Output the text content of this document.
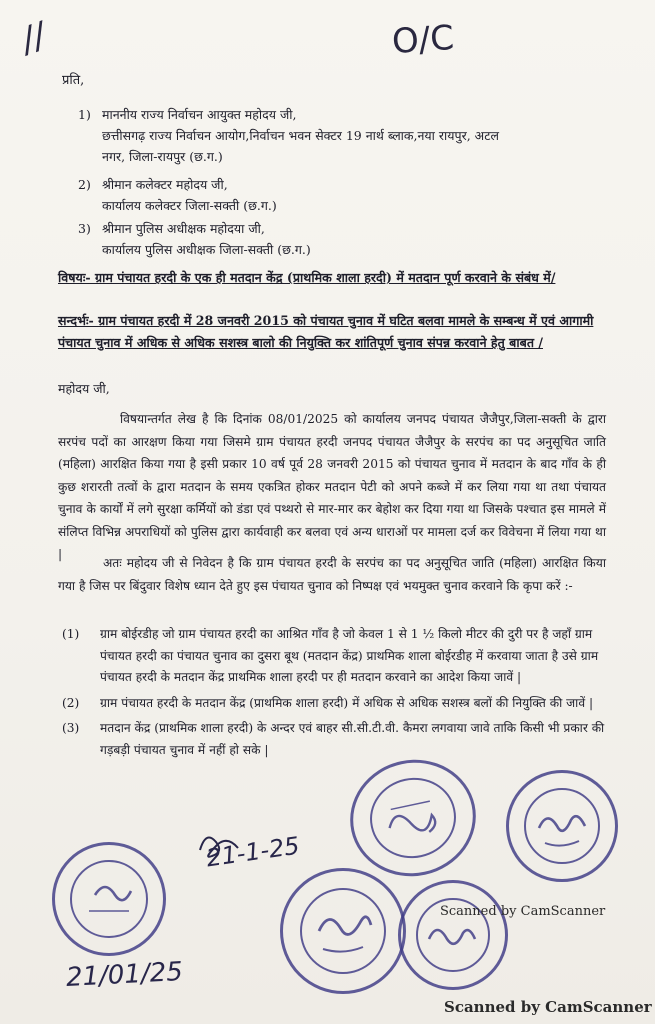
//	O/C
प्रति,
1) माननीय राज्य निर्वाचन आयुक्त महोदय जी,
छत्तीसगढ़ राज्य निर्वाचन आयोग,निर्वाचन भवन सेक्टर 19 नार्थ ब्लाक,नया रायपुर, अटल
नगर, जिला-रायपुर (छ.ग.)
2) श्रीमान कलेक्टर महोदय जी,
कार्यालय कलेक्टर जिला-सक्ती (छ.ग.)
3) श्रीमान पुलिस अधीक्षक महोदया जी,
कार्यालय पुलिस अधीक्षक जिला-सक्ती (छ.ग.)
विषयः- ग्राम पंचायत हरदी के एक ही मतदान केंद्र (प्राथमिक शाला हरदी) में मतदान पूर्ण करवाने के संबंध में/
सन्दर्भः- ग्राम पंचायत हरदी में 28 जनवरी 2015 को पंचायत चुनाव में घटित बलवा मामले के सम्बन्ध में एवं आगामी पंचायत चुनाव में अधिक से अधिक सशस्त्र बालो की नियुक्ति कर शांतिपूर्ण चुनाव संपन्न करवाने हेतु बाबत /
महोदय जी,
विषयान्तर्गत लेख है कि दिनांक 08/01/2025 को कार्यालय जनपद पंचायत जैजैपुर,जिला-सक्ती के द्वारा सरपंच पदों का आरक्षण किया गया जिसमे ग्राम पंचायत हरदी जनपद पंचायत जैजैपुर के सरपंच का पद अनुसूचित जाति (महिला) आरक्षित किया गया है इसी प्रकार 10 वर्ष पूर्व 28 जनवरी 2015 को पंचायत चुनाव में मतदान के बाद गाँव के ही कुछ शरारती तत्वों के द्वारा मतदान के समय एकत्रित होकर मतदान पेटी को अपने कब्जे में कर लिया गया था तथा पंचायत चुनाव के कार्यों में लगे सुरक्षा कर्मियों को डंडा एवं पथ्थरो से मार-मार कर बेहोश कर दिया गया था जिसके पश्चात इस मामले में संलिप्त विभिन्न अपराधियों को पुलिस द्वारा कार्यवाही कर बलवा एवं अन्य धाराओं पर मामला दर्ज कर विवेचना में लिया गया था |
अतः महोदय जी से निवेदन है कि ग्राम पंचायत हरदी के सरपंच का पद अनुसूचित जाति (महिला) आरक्षित किया गया है जिस पर बिंदुवार विशेष ध्यान देते हुए इस पंचायत चुनाव को निष्पक्ष एवं भयमुक्त चुनाव करवाने कि कृपा करें :-
(1) ग्राम बोईरडीह जो ग्राम पंचायत हरदी का आश्रित गाँव है जो केवल 1 से 1 ½ किलो मीटर की दुरी पर है जहाँ ग्राम पंचायत हरदी का पंचायत चुनाव का दुसरा बूथ (मतदान केंद्र) प्राथमिक शाला बोईरडीह में करवाया जाता है उसे ग्राम पंचायत हरदी के मतदान केंद्र प्राथमिक शाला हरदी पर ही मतदान करवाने का आदेश किया जावें |
(2) ग्राम पंचायत हरदी के मतदान केंद्र (प्राथमिक शाला हरदी) में अधिक से अधिक सशस्त्र बलों की नियुक्ति की जावें |
(3) मतदान केंद्र (प्राथमिक शाला हरदी) के अन्दर एवं बाहर सी.सी.टी.वी. कैमरा लगवाया जावे ताकि किसी भी प्रकार की गड़बड़ी पंचायत चुनाव में नहीं हो सके |
21-1-25
21/01/25
Scanned by CamScanner
Scanned by CamScanner
